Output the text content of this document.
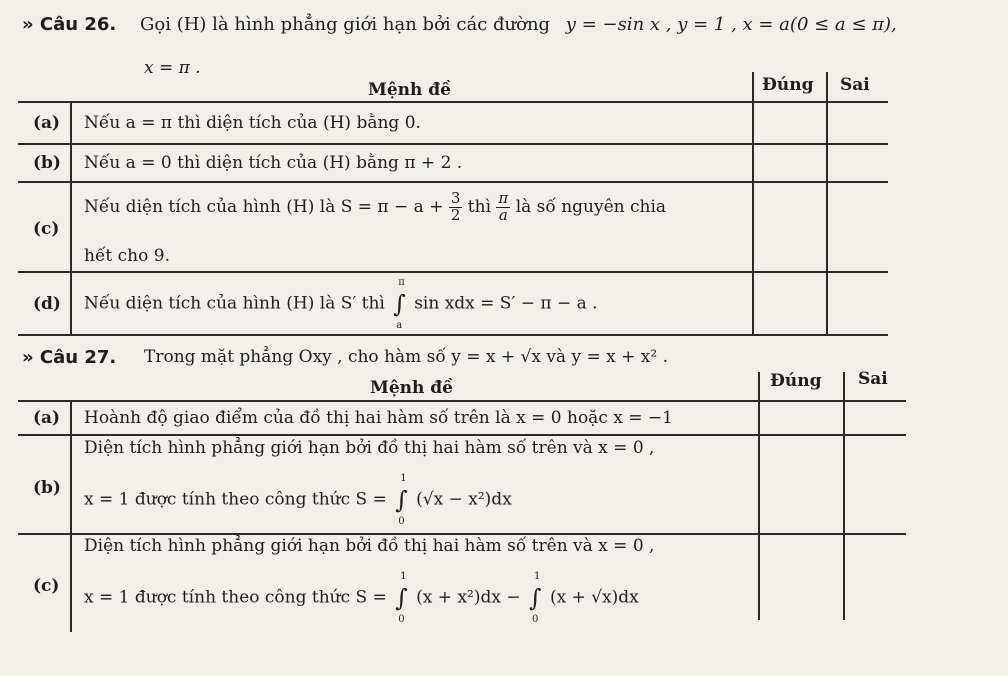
» Câu 26. Gọi (H) là hình phẳng giới hạn bởi các đường y = −sin x , y = 1 , x = a(0 ≤ a ≤ π),
x = π .
Mệnh đề	Đúng Sai
(a) Nếu a = π thì diện tích của (H) bằng 0.
(b) Nếu a = 0 thì diện tích của (H) bằng π + 2 .
(c)
Nếu diện tích của hình (H) là $S = \pi - a + \frac{3}{2}$ thì $\frac{\pi}{a}$ là số nguyên chia
hết cho 9.
(d) Nếu diện tích của hình (H) là S′ thì ∫
π
a
sin xdx = S′ − π − a .
» Câu 27. Trong mặt phẳng Oxy , cho hàm số y = x + √x và y = x + x² .
Mệnh đề	Đúng Sai
(a) Hoành độ giao điểm của đồ thị hai hàm số trên là x = 0 hoặc x = −1
(b)
Diện tích hình phẳng giới hạn bởi đồ thị hai hàm số trên và x = 0 ,
x = 1 được tính theo công thức S = ∫
1
0
(√x − x²)dx
(c)
Diện tích hình phẳng giới hạn bởi đồ thị hai hàm số trên và x = 0 ,
x = 1 được tính theo công thức S = ∫
1
0
(x + x²)dx − ∫
1
0
(x + √x)dx
